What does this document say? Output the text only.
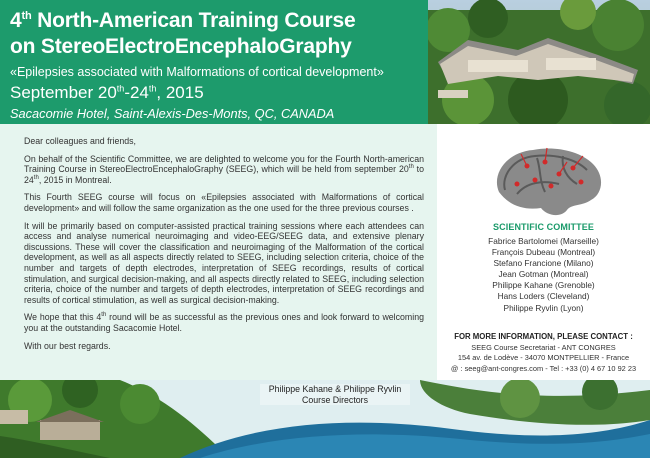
4th North-American Training Course
on StereoElectroEncephaloGraphy
«Epilepsies associated with Malformations of cortical development»
September 20th-24th, 2015
Sacacomie Hotel, Saint-Alexis-Des-Monts, QC, CANADA

Dear colleagues and friends,

On behalf of the Scientific Committee, we are delighted to welcome you for the Fourth North-american Training Course in StereoElectroEncephaloGraphy (SEEG), which will be held from september 20th to 24th, 2015 in Montreal.

This Fourth SEEG course will focus on «Epilepsies associated with Malformations of cortical development» and will follow the same organization as the one used for the three previous courses .

It will be primarily based on computer-assisted practical training sessions where each attendees can access and analyse numerical neuroimaging and video-EEG/SEEG data, and extensive plenary discussions. These will cover the classification and neuroimaging of the Malformation of the cortical development, as well as all aspects directly related to SEEG, including selection criteria, choice of the number and targets of depth electrodes, interpretation of SEEG recordings, results of cortical stimulation, and surgical decision-making, and all aspects directly related to SEEG, including selection criteria, choice of the number and targets of depth electrodes, interpretation of SEEG recordings and results of cortical stimulation, as well as surgical decision-making.

We hope that this 4th round will be as successful as the previous ones and look forward to welcoming you at the outstanding Sacacomie Hotel.

With our best regards.

SCIENTIFIC COMITTEE
Fabrice Bartolomei (Marseille)
François Dubeau (Montreal)
Stefano Francione (Milano)
Jean Gotman (Montreal)
Philippe Kahane (Grenoble)
Hans Loders (Cleveland)
Philippe Ryvlin (Lyon)
FOR MORE INFORMATION, PLEASE CONTACT :
SEEG Course Secretariat - ANT CONGRES
154 av. de Lodève - 34070 MONTPELLIER - France
@ : seeg@ant-congres.com - Tel : +33 (0) 4 67 10 92 23
Philippe Kahane & Philippe Ryvlin
Course Directors
